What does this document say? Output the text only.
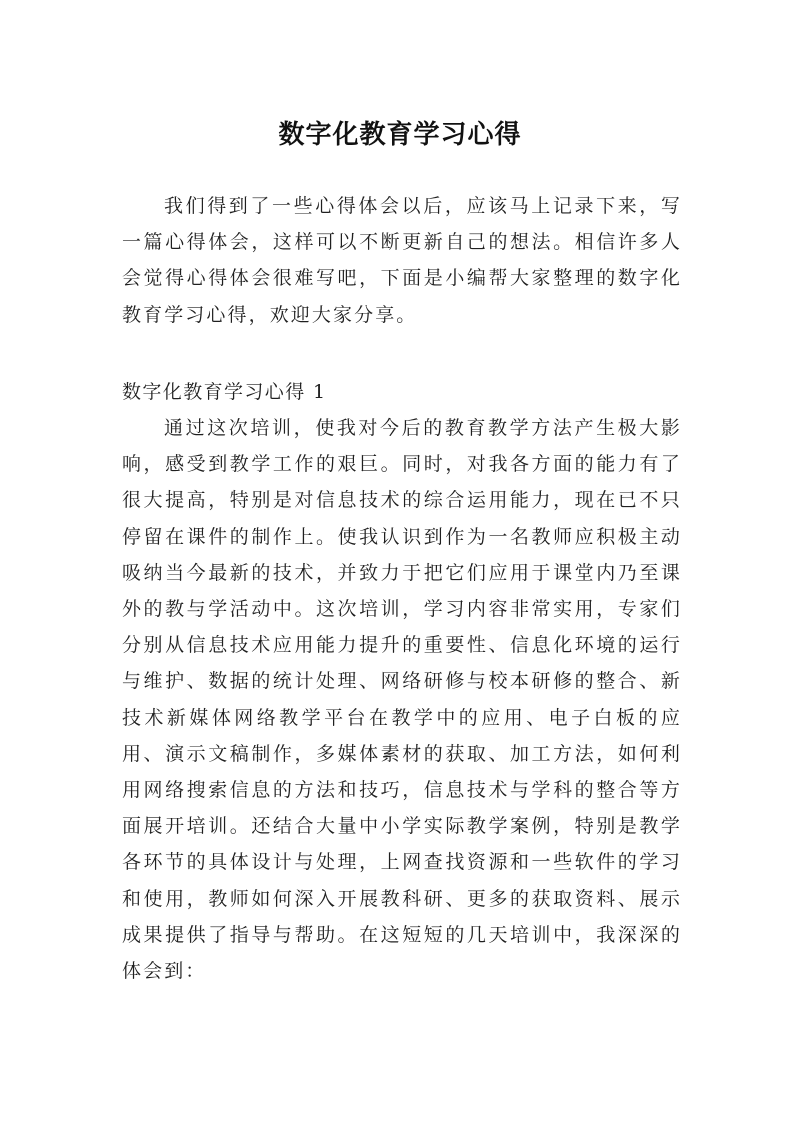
数字化教育学习心得

我们得到了一些心得体会以后，应该马上记录下来，写一篇心得体会，这样可以不断更新自己的想法。相信许多人会觉得心得体会很难写吧，下面是小编帮大家整理的数字化教育学习心得，欢迎大家分享。

数字化教育学习心得 1

通过这次培训，使我对今后的教育教学方法产生极大影响，感受到教学工作的艰巨。同时，对我各方面的能力有了很大提高，特别是对信息技术的综合运用能力，现在已不只停留在课件的制作上。使我认识到作为一名教师应积极主动吸纳当今最新的技术，并致力于把它们应用于课堂内乃至课外的教与学活动中。这次培训，学习内容非常实用，专家们分别从信息技术应用能力提升的重要性、信息化环境的运行与维护、数据的统计处理、网络研修与校本研修的整合、新技术新媒体网络教学平台在教学中的应用、电子白板的应用、演示文稿制作，多媒体素材的获取、加工方法，如何利用网络搜索信息的方法和技巧，信息技术与学科的整合等方面展开培训。还结合大量中小学实际教学案例，特别是教学各环节的具体设计与处理，上网查找资源和一些软件的学习和使用，教师如何深入开展教科研、更多的获取资料、展示成果提供了指导与帮助。在这短短的几天培训中，我深深的体会到：
